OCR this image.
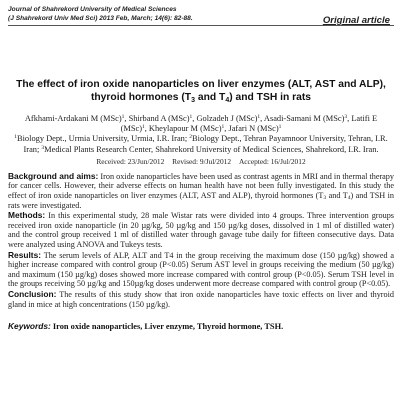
Journal of Shahrekord University of Medical Sciences
(J Shahrekord Univ Med Sci) 2013 Feb, March; 14(6): 82-88.	Original article
The effect of iron oxide nanoparticles on liver enzymes (ALT, AST and ALP), thyroid hormones ($T_3$ and $T_4$) and TSH in rats
Afkhami-Ardakani M (MSc)$^1$, Shirband A (MSc)$^1$, Golzadeh J (MSc)$^1$, Asadi-Samani M (MSc)$^3$, Latifi E (MSc)$^1$, Kheylapour M (MSc)$^1$, Jafari N (MSc)$^1$
$^1$Biology Dept., Urmia University, Urmia, I.R. Iran; $^2$Biology Dept., Tehran Payamnoor University, Tehran, I.R. Iran; $^3$Medical Plants Research Center, Shahrekord University of Medical Sciences, Shahrekord, I.R. Iran.
Received: 23/Jun/2012 Revised: 9/Jul/2012 Accepted: 16/Jul/2012

Background and aims: Iron oxide nanoparticles have been used as contrast agents in MRI and in thermal therapy for cancer cells. However, their adverse effects on human health have not been fully investigated. In this study the effect of iron oxide nanoparticles on liver enzymes (ALT, AST and ALP), thyroid hormones ($T_3$ and $T_4$) and TSH in rats were investigated.

Methods: In this experimental study, 28 male Wistar rats were divided into 4 groups. Three intervention groups received iron oxide nanoparticle (in 20 µg/kg, 50 µg/kg and 150 µg/kg doses, dissolved in 1 ml of distilled water) and the control group received 1 ml of distilled water through gavage tube daily for fifteen consecutive days. Data were analyzed using ANOVA and Tukeys tests.

Results: The serum levels of ALP, ALT and T4 in the group receiving the maximum dose (150 µg/kg) showed a higher increase compared with control group (P<0.05) Serum AST level in groups receiving the medium (50 µg/kg) and maximum (150 µg/kg) doses showed more increase compared with control group (P<0.05). Serum TSH level in the groups receiving 50 µg/kg and 150µg/kg doses underwent more decrease compared with control group (P<0.05).

Conclusion: The results of this study show that iron oxide nanoparticles have toxic effects on liver and thyroid gland in mice at high concentrations (150 µg/kg).

Keywords: Iron oxide nanoparticles, Liver enzyme, Thyroid hormone, TSH.
